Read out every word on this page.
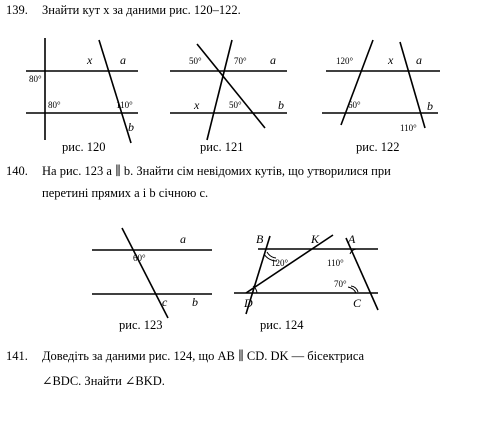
139. Знайти кут x за даними рис. 120–122.
140. На рис. 123 a ∥ b. Знайти сім невідомих кутів, що утворилися при
перетині прямих a і b січною c.
141. Доведіть за даними рис. 124, що AB ∥ CD. DK — бісектриса
∠BDC. Знайти ∠BKD.
80°
80°	110°
x a
b
рис. 120
50°	70°
50°
a
x	b
рис. 121
120°
60°
110°
x a
b
рис. 122
60°
a
c b
рис. 123
120°	110°
70°
B	K A
D	C
рис. 124
